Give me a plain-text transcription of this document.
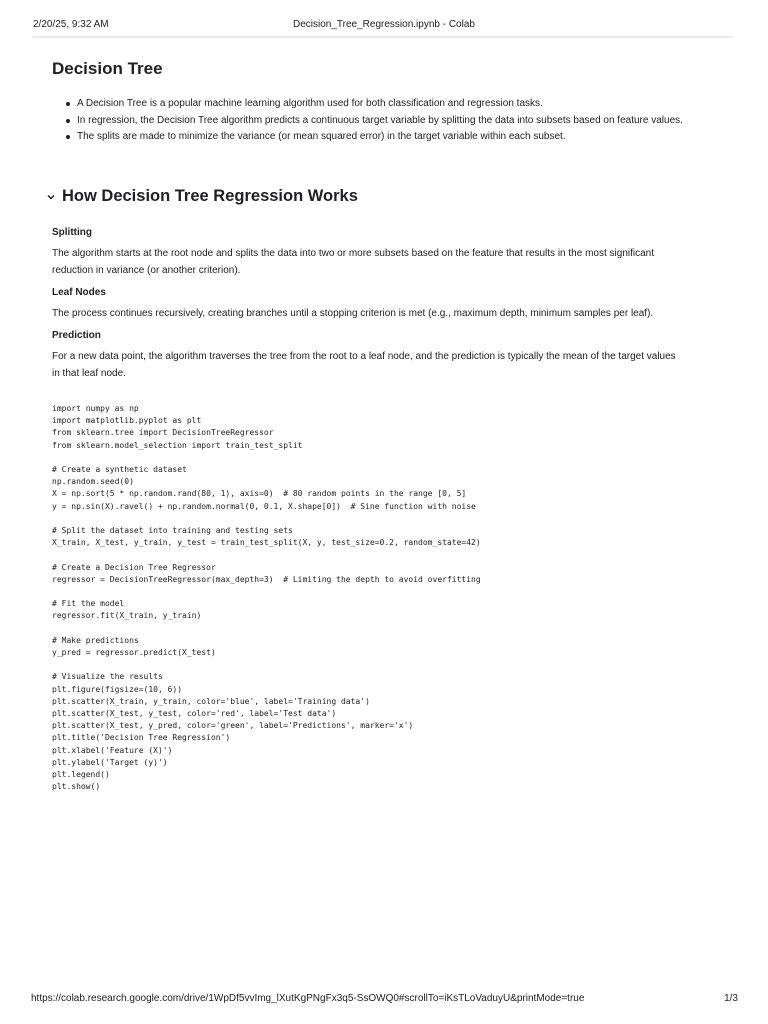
2/20/25, 9:32 AM	Decision_Tree_Regression.ipynb - Colab
Decision Tree
A Decision Tree is a popular machine learning algorithm used for both classification and regression tasks.
In regression, the Decision Tree algorithm predicts a continuous target variable by splitting the data into subsets based on feature values.
The splits are made to minimize the variance (or mean squared error) in the target variable within each subset.
How Decision Tree Regression Works
Splitting

The algorithm starts at the root node and splits the data into two or more subsets based on the feature that results in the most significant reduction in variance (or another criterion).

Leaf Nodes

The process continues recursively, creating branches until a stopping criterion is met (e.g., maximum depth, minimum samples per leaf).

Prediction

For a new data point, the algorithm traverses the tree from the root to a leaf node, and the prediction is typically the mean of the target values in that leaf node.

import numpy as np
import matplotlib.pyplot as plt
from sklearn.tree import DecisionTreeRegressor
from sklearn.model_selection import train_test_split

# Create a synthetic dataset
np.random.seed(0)
X = np.sort(5 * np.random.rand(80, 1), axis=0)  # 80 random points in the range [0, 5]
y = np.sin(X).ravel() + np.random.normal(0, 0.1, X.shape[0])  # Sine function with noise

# Split the dataset into training and testing sets
X_train, X_test, y_train, y_test = train_test_split(X, y, test_size=0.2, random_state=42)

# Create a Decision Tree Regressor
regressor = DecisionTreeRegressor(max_depth=3)  # Limiting the depth to avoid overfitting

# Fit the model
regressor.fit(X_train, y_train)

# Make predictions
y_pred = regressor.predict(X_test)

# Visualize the results
plt.figure(figsize=(10, 6))
plt.scatter(X_train, y_train, color='blue', label='Training data')
plt.scatter(X_test, y_test, color='red', label='Test data')
plt.scatter(X_test, y_pred, color='green', label='Predictions', marker='x')
plt.title('Decision Tree Regression')
plt.xlabel('Feature (X)')
plt.ylabel('Target (y)')
plt.legend()
plt.show()
https://colab.research.google.com/drive/1WpDf5vvImg_lXutKgPNgFx3q5-SsOWQ0#scrollTo=iKsTLoVaduyU&printMode=true	1/3
